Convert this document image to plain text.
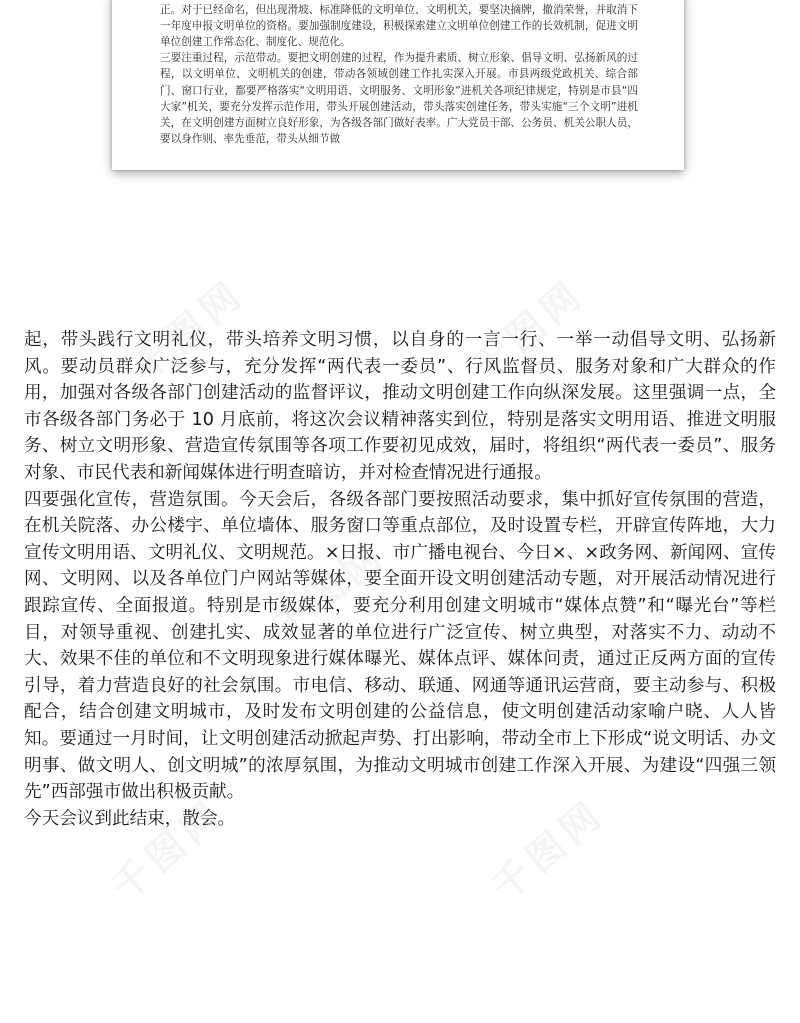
正。对于已经命名，但出现滑坡、标准降低的文明单位、文明机关，要坚决摘牌，撤消荣誉，并取消下一年度申报文明单位的资格。要加强制度建设，积极探索建立文明单位创建工作的长效机制，促进文明单位创建工作常态化、制度化、规范化。

三要注重过程，示范带动。要把文明创建的过程，作为提升素质、树立形象、倡导文明、弘扬新风的过程，以文明单位、文明机关的创建，带动各领域创建工作扎实深入开展。市县两级党政机关、综合部门、窗口行业，都要严格落实“文明用语、文明服务、文明形象”进机关各项纪律规定，特别是市县“四大家”机关，要充分发挥示范作用，带头开展创建活动，带头落实创建任务，带头实施“三个文明”进机关，在文明创建方面树立良好形象，为各级各部门做好表率。广大党员干部、公务员、机关公职人员，要以身作则、率先垂范，带头从细节做

起，带头践行文明礼仪，带头培养文明习惯，以自身的一言一行、一举一动倡导文明、弘扬新风。要动员群众广泛参与，充分发挥“两代表一委员”、行风监督员、服务对象和广大群众的作用，加强对各级各部门创建活动的监督评议，推动文明创建工作向纵深发展。这里强调一点，全市各级各部门务必于 10 月底前，将这次会议精神落实到位，特别是落实文明用语、推进文明服务、树立文明形象、营造宣传氛围等各项工作要初见成效，届时，将组织“两代表一委员”、服务对象、市民代表和新闻媒体进行明查暗访，并对检查情况进行通报。

四要强化宣传，营造氛围。今天会后，各级各部门要按照活动要求，集中抓好宣传氛围的营造，在机关院落、办公楼宇、单位墙体、服务窗口等重点部位，及时设置专栏，开辟宣传阵地，大力宣传文明用语、文明礼仪、文明规范。×日报、市广播电视台、今日×、×政务网、新闻网、宣传网、文明网、以及各单位门户网站等媒体，要全面开设文明创建活动专题，对开展活动情况进行跟踪宣传、全面报道。特别是市级媒体，要充分利用创建文明城市“媒体点赞”和“曝光台”等栏目，对领导重视、创建扎实、成效显著的单位进行广泛宣传、树立典型，对落实不力、动动不大、效果不佳的单位和不文明现象进行媒体曝光、媒体点评、媒体问责，通过正反两方面的宣传引导，着力营造良好的社会氛围。市电信、移动、联通、网通等通讯运营商，要主动参与、积极配合，结合创建文明城市，及时发布文明创建的公益信息，使文明创建活动家喻户晓、人人皆知。要通过一月时间，让文明创建活动掀起声势、打出影响，带动全市上下形成“说文明话、办文明事、做文明人、创文明城”的浓厚氛围，为推动文明城市创建工作深入开展、为建设“四强三领先”西部强市做出积极贡献。

今天会议到此结束，散会。
